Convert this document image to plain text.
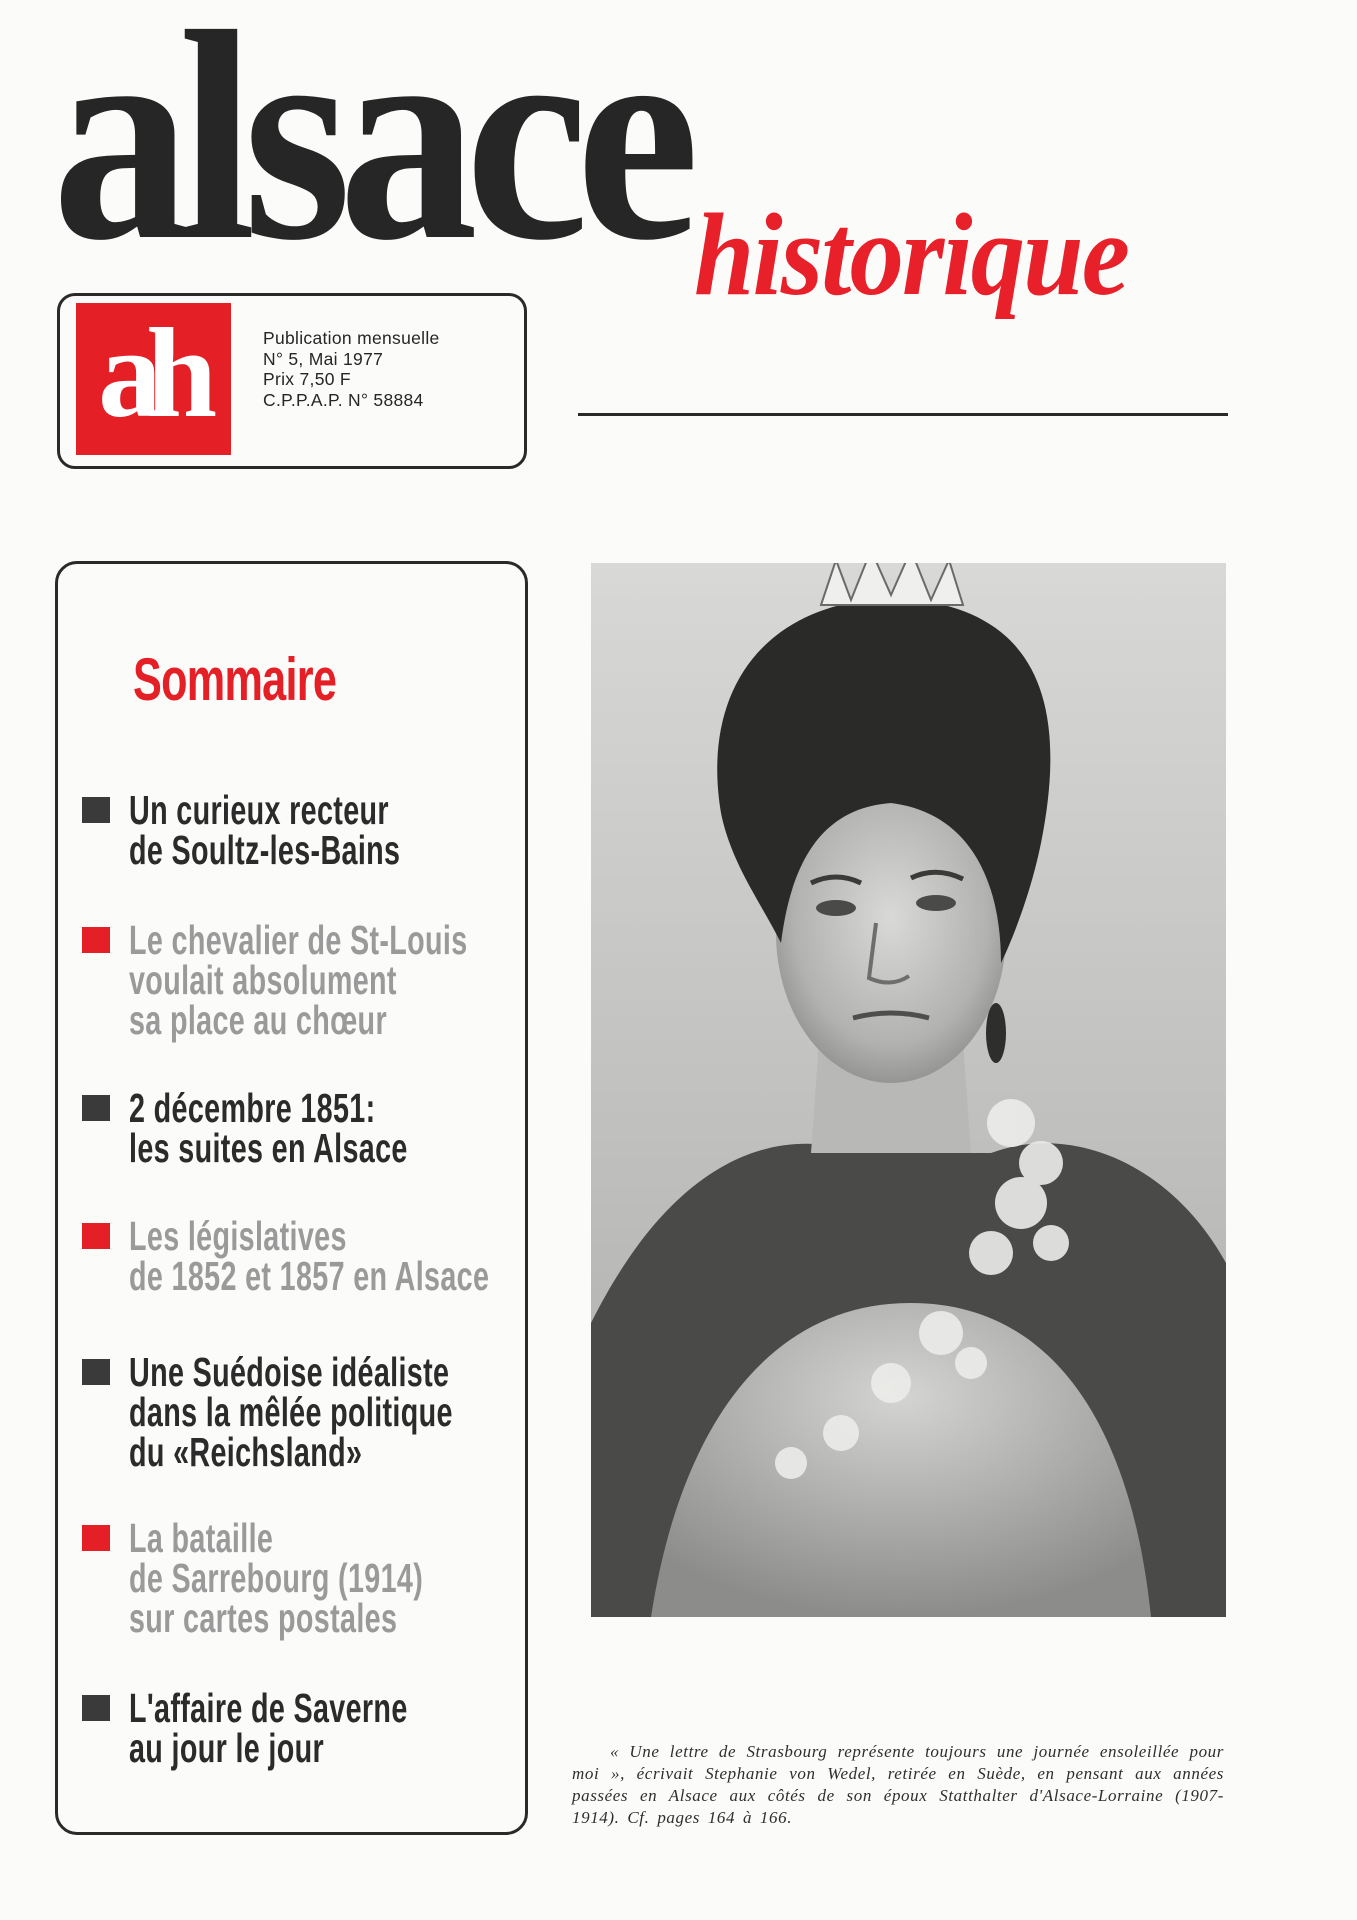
alsace historique
ah	Publication mensuelle
N° 5, Mai 1977
Prix 7,50 F
C.P.P.A.P. N° 58884
Sommaire
Un curieux recteur
de Soultz-les-Bains
Le chevalier de St-Louis
voulait absolument
sa place au chœur
2 décembre 1851:
les suites en Alsace
Les législatives
de 1852 et 1857 en Alsace
Une Suédoise idéaliste
dans la mêlée politique
du «Reichsland»
La bataille
de Sarrebourg (1914)
sur cartes postales
L'affaire de Saverne
au jour le jour	« Une lettre de Strasbourg représente toujours une journée ensoleillée pour moi », écrivait Stephanie von Wedel, retirée en Suède, en pensant aux années passées en Alsace aux côtés de son époux Statthalter d'Alsace-Lorraine (1907-1914). Cf. pages 164 à 166.
